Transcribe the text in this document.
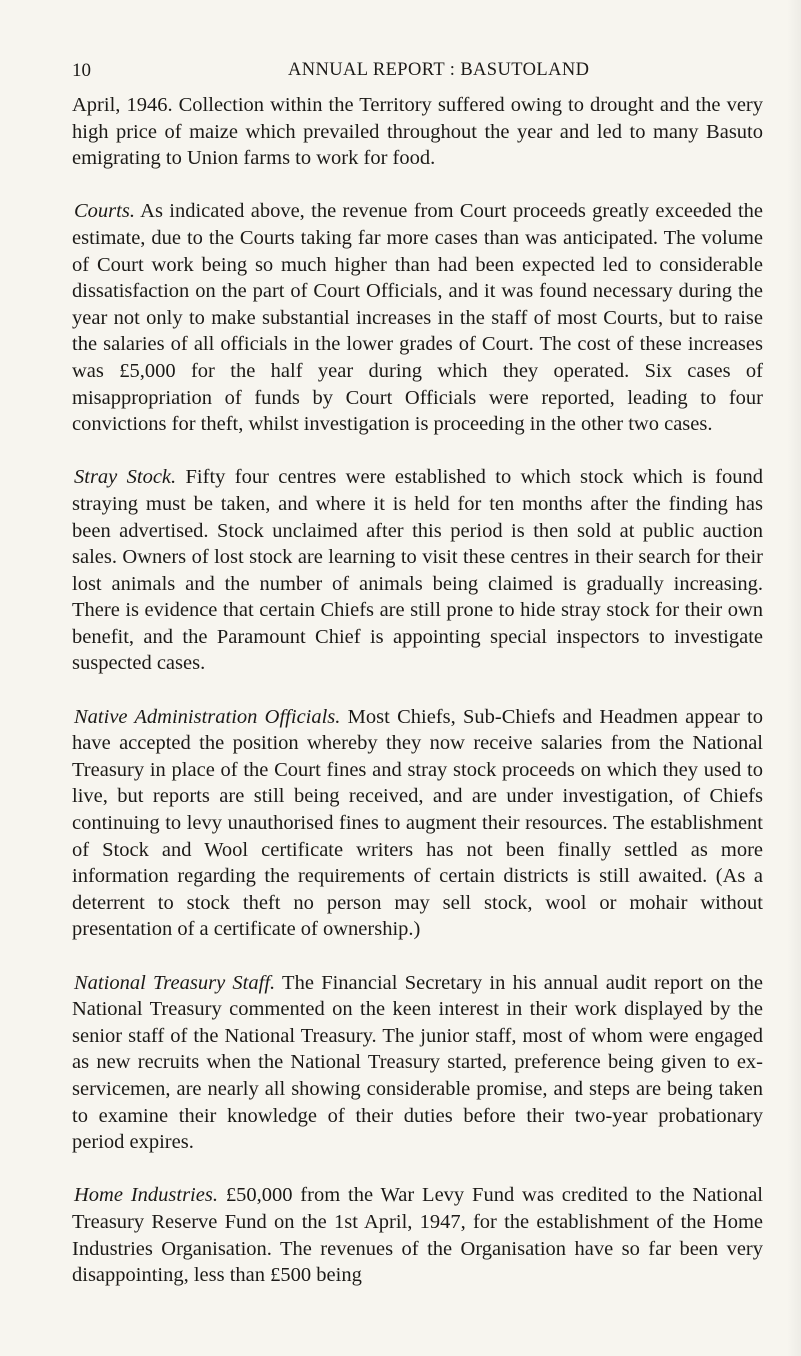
10	ANNUAL REPORT : BASUTOLAND

April, 1946. Collection within the Territory suffered owing to drought and the very high price of maize which prevailed throughout the year and led to many Basuto emigrating to Union farms to work for food.

Courts. As indicated above, the revenue from Court proceeds greatly exceeded the estimate, due to the Courts taking far more cases than was anticipated. The volume of Court work being so much higher than had been expected led to considerable dissatisfaction on the part of Court Officials, and it was found necessary during the year not only to make substantial increases in the staff of most Courts, but to raise the salaries of all officials in the lower grades of Court. The cost of these increases was £5,000 for the half year during which they operated. Six cases of misappropriation of funds by Court Officials were reported, leading to four convictions for theft, whilst investigation is proceeding in the other two cases.

Stray Stock. Fifty four centres were established to which stock which is found straying must be taken, and where it is held for ten months after the finding has been advertised. Stock unclaimed after this period is then sold at public auction sales. Owners of lost stock are learning to visit these centres in their search for their lost animals and the number of animals being claimed is gradually increasing. There is evidence that certain Chiefs are still prone to hide stray stock for their own benefit, and the Paramount Chief is appointing special inspectors to investigate suspected cases.

Native Administration Officials. Most Chiefs, Sub-Chiefs and Headmen appear to have accepted the position whereby they now receive salaries from the National Treasury in place of the Court fines and stray stock proceeds on which they used to live, but reports are still being received, and are under investigation, of Chiefs continuing to levy unauthorised fines to augment their resources. The establishment of Stock and Wool certificate writers has not been finally settled as more information regarding the requirements of certain districts is still awaited. (As a deterrent to stock theft no person may sell stock, wool or mohair without presentation of a certificate of ownership.)

National Treasury Staff. The Financial Secretary in his annual audit report on the National Treasury commented on the keen interest in their work displayed by the senior staff of the National Treasury. The junior staff, most of whom were engaged as new recruits when the National Treasury started, preference being given to ex-servicemen, are nearly all showing considerable promise, and steps are being taken to examine their knowledge of their duties before their two-year probationary period expires.

Home Industries. £50,000 from the War Levy Fund was credited to the National Treasury Reserve Fund on the 1st April, 1947, for the establishment of the Home Industries Organisation. The revenues of the Organisation have so far been very disappointing, less than £500 being
